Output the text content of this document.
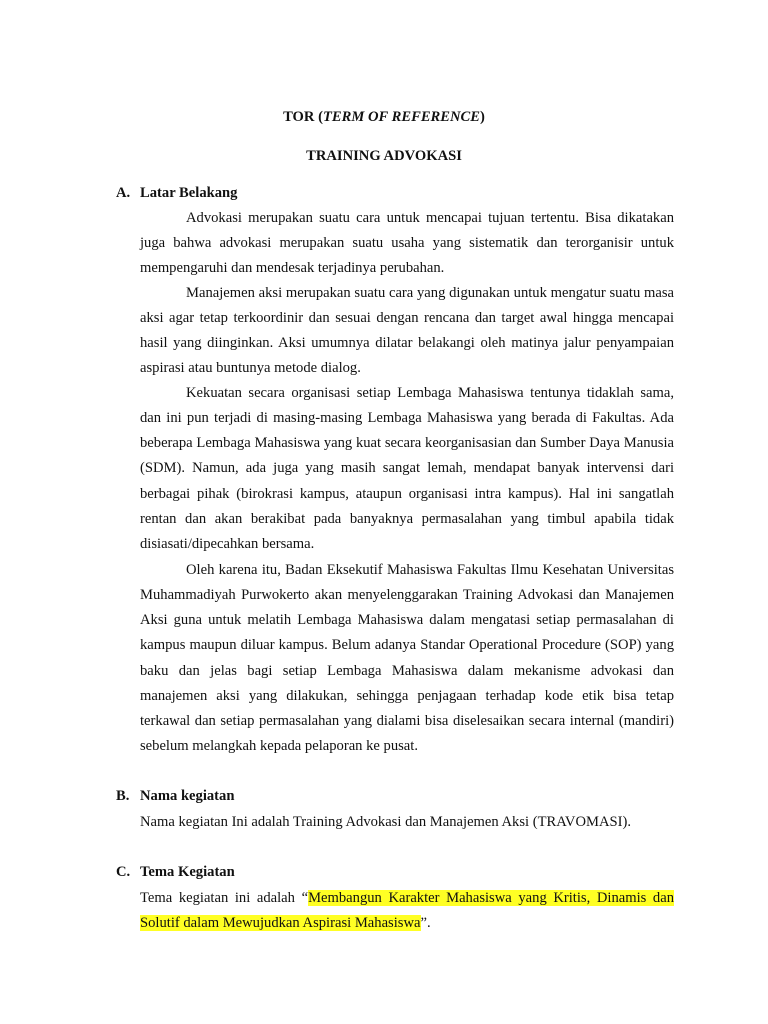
TOR (TERM OF REFERENCE)
TRAINING ADVOKASI
A. Latar Belakang

Advokasi merupakan suatu cara untuk mencapai tujuan tertentu. Bisa dikatakan juga bahwa advokasi merupakan suatu usaha yang sistematik dan terorganisir untuk mempengaruhi dan mendesak terjadinya perubahan.

Manajemen aksi merupakan suatu cara yang digunakan untuk mengatur suatu masa aksi agar tetap terkoordinir dan sesuai dengan rencana dan target awal hingga mencapai hasil yang diinginkan. Aksi umumnya dilatar belakangi oleh matinya jalur penyampaian aspirasi atau buntunya metode dialog.

Kekuatan secara organisasi setiap Lembaga Mahasiswa tentunya tidaklah sama, dan ini pun terjadi di masing-masing Lembaga Mahasiswa yang berada di Fakultas. Ada beberapa Lembaga Mahasiswa yang kuat secara keorganisasian dan Sumber Daya Manusia (SDM). Namun, ada juga yang masih sangat lemah, mendapat banyak intervensi dari berbagai pihak (birokrasi kampus, ataupun organisasi intra kampus). Hal ini sangatlah rentan dan akan berakibat pada banyaknya permasalahan yang timbul apabila tidak disiasati/dipecahkan bersama.

Oleh karena itu, Badan Eksekutif Mahasiswa Fakultas Ilmu Kesehatan Universitas Muhammadiyah Purwokerto akan menyelenggarakan Training Advokasi dan Manajemen Aksi guna untuk melatih Lembaga Mahasiswa dalam mengatasi setiap permasalahan di kampus maupun diluar kampus. Belum adanya Standar Operational Procedure (SOP) yang baku dan jelas bagi setiap Lembaga Mahasiswa dalam mekanisme advokasi dan manajemen aksi yang dilakukan, sehingga penjagaan terhadap kode etik bisa tetap terkawal dan setiap permasalahan yang dialami bisa diselesaikan secara internal (mandiri) sebelum melangkah kepada pelaporan ke pusat.

B. Nama kegiatan

Nama kegiatan Ini adalah Training Advokasi dan Manajemen Aksi (TRAVOMASI).

C. Tema Kegiatan

Tema kegiatan ini adalah “Membangun Karakter Mahasiswa yang Kritis, Dinamis dan Solutif dalam Mewujudkan Aspirasi Mahasiswa”.
